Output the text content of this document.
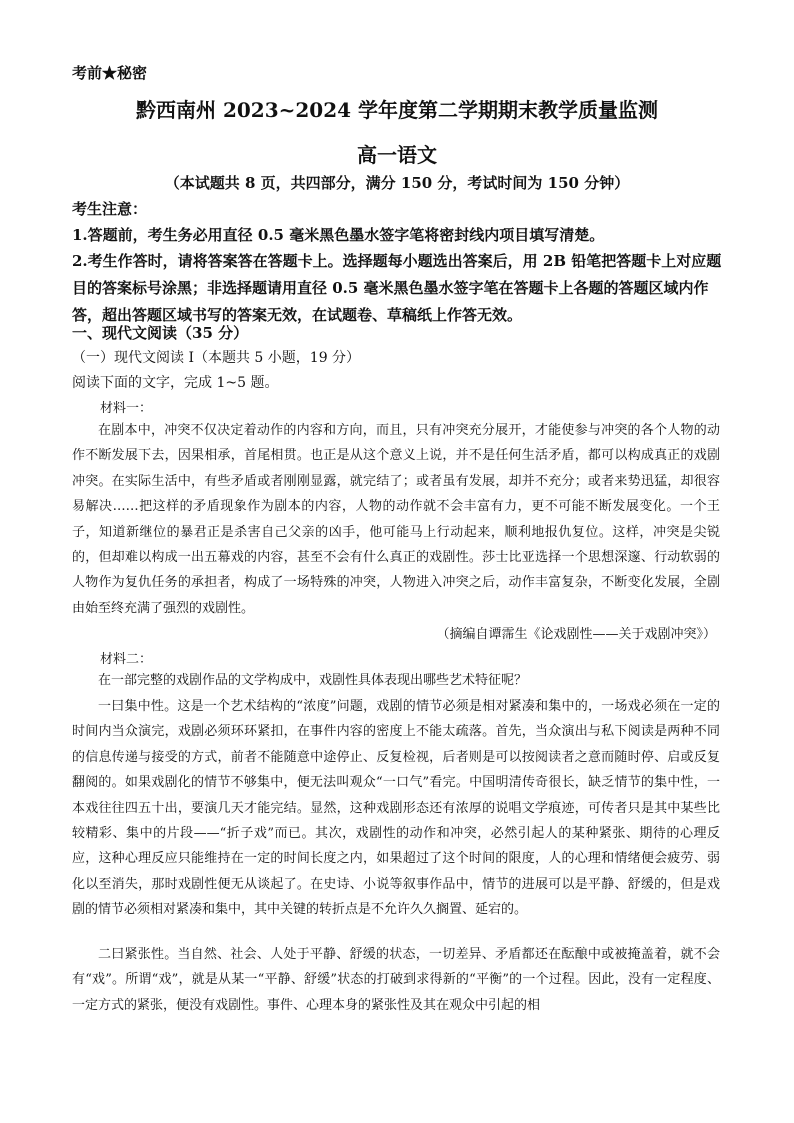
考前★秘密
黔西南州 2023~2024 学年度第二学期期末教学质量监测
高一语文
（本试题共 8 页，共四部分，满分 150 分，考试时间为 150 分钟）
考生注意：
1.答题前，考生务必用直径 0.5 毫米黑色墨水签字笔将密封线内项目填写清楚。
2.考生作答时，请将答案答在答题卡上。选择题每小题选出答案后，用 2B 铅笔把答题卡上对应题目的答案标号涂黑；非选择题请用直径 0.5 毫米黑色墨水签字笔在答题卡上各题的答题区域内作答，超出答题区域书写的答案无效，在试题卷、草稿纸上作答无效。
一、现代文阅读（35 分）
（一）现代文阅读 I（本题共 5 小题，19 分）
阅读下面的文字，完成 1~5 题。
材料一：

在剧本中，冲突不仅决定着动作的内容和方向，而且，只有冲突充分展开，才能使参与冲突的各个人物的动作不断发展下去，因果相承，首尾相贯。也正是从这个意义上说，并不是任何生活矛盾，都可以构成真正的戏剧冲突。在实际生活中，有些矛盾或者刚刚显露，就完结了；或者虽有发展，却并不充分；或者来势迅猛，却很容易解决……把这样的矛盾现象作为剧本的内容，人物的动作就不会丰富有力，更不可能不断发展变化。一个王子，知道新继位的暴君正是杀害自己父亲的凶手，他可能马上行动起来，顺利地报仇复位。这样，冲突是尖锐的，但却难以构成一出五幕戏的内容，甚至不会有什么真正的戏剧性。莎士比亚选择一个思想深邃、行动软弱的人物作为复仇任务的承担者，构成了一场特殊的冲突，人物进入冲突之后，动作丰富复杂，不断变化发展，全剧由始至终充满了强烈的戏剧性。

（摘编自谭霈生《论戏剧性——关于戏剧冲突》）
材料二：

在一部完整的戏剧作品的文学构成中，戏剧性具体表现出哪些艺术特征呢？

一曰集中性。这是一个艺术结构的“浓度”问题，戏剧的情节必须是相对紧凑和集中的，一场戏必须在一定的时间内当众演完，戏剧必须环环紧扣，在事件内容的密度上不能太疏落。首先，当众演出与私下阅读是两种不同的信息传递与接受的方式，前者不能随意中途停止、反复检视，后者则是可以按阅读者之意而随时停、启或反复翻阅的。如果戏剧化的情节不够集中，便无法叫观众“一口气”看完。中国明清传奇很长，缺乏情节的集中性，一本戏往往四五十出，要演几天才能完结。显然，这种戏剧形态还有浓厚的说唱文学痕迹，可传者只是其中某些比较精彩、集中的片段——“折子戏”而已。其次，戏剧性的动作和冲突，必然引起人的某种紧张、期待的心理反应，这种心理反应只能维持在一定的时间长度之内，如果超过了这个时间的限度，人的心理和情绪便会疲劳、弱化以至消失，那时戏剧性便无从谈起了。在史诗、小说等叙事作品中，情节的进展可以是平静、舒缓的，但是戏剧的情节必须相对紧凑和集中，其中关键的转折点是不允许久久搁置、延宕的。

二曰紧张性。当自然、社会、人处于平静、舒缓的状态，一切差异、矛盾都还在酝酿中或被掩盖着，就不会有“戏”。所谓“戏”，就是从某一“平静、舒缓”状态的打破到求得新的“平衡”的一个过程。因此，没有一定程度、一定方式的紧张，便没有戏剧性。事件、心理本身的紧张性及其在观众中引起的相
